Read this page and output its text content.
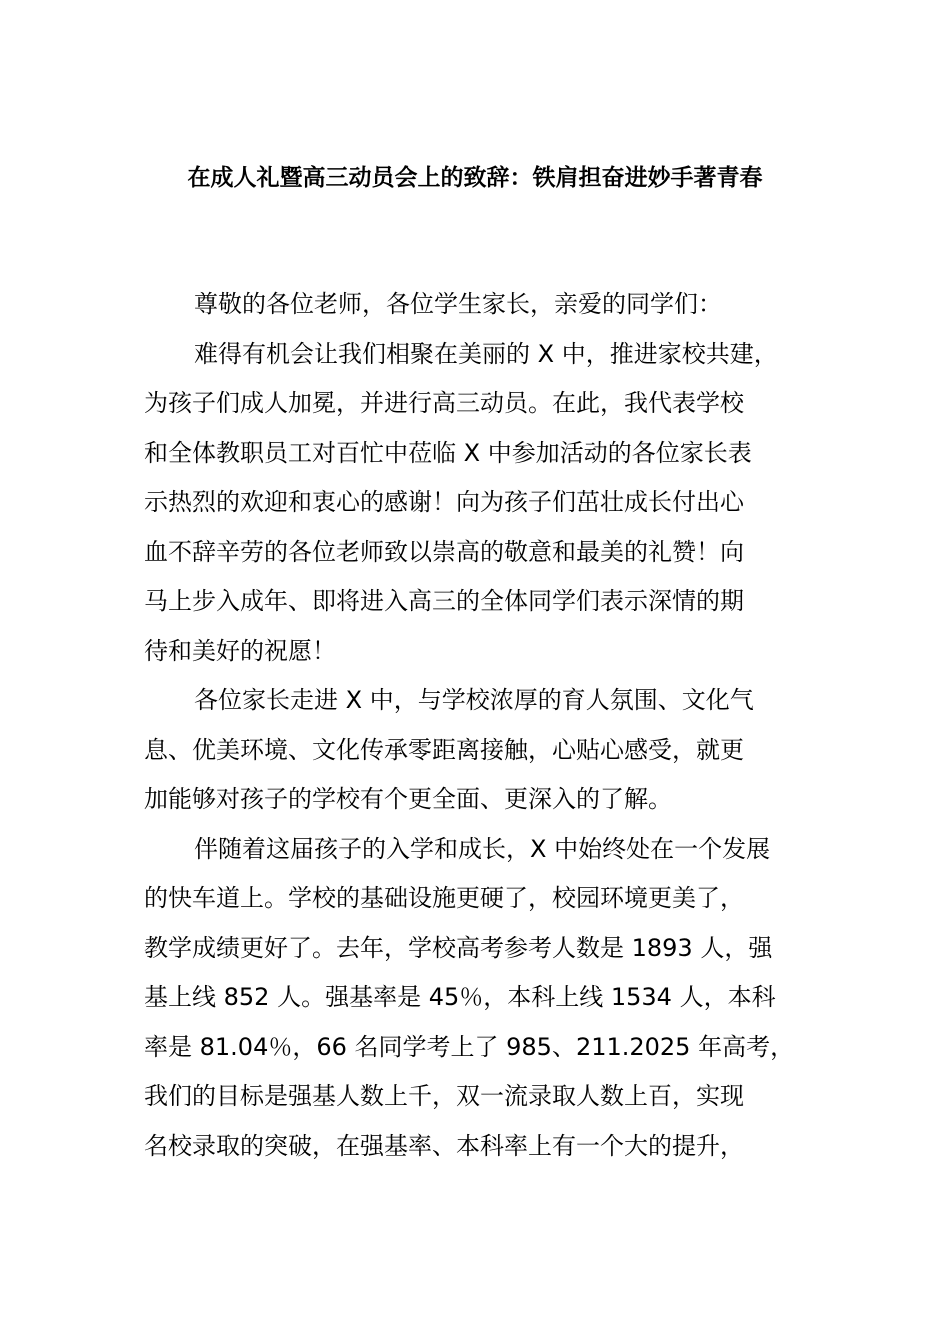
在成人礼暨高三动员会上的致辞：铁肩担奋进妙手著青春
尊敬的各位老师，各位学生家长，亲爱的同学们：
难得有机会让我们相聚在美丽的 X 中，推进家校共建，
为孩子们成人加冕，并进行高三动员。在此，我代表学校
和全体教职员工对百忙中莅临 X 中参加活动的各位家长表
示热烈的欢迎和衷心的感谢！向为孩子们茁壮成长付出心
血不辞辛劳的各位老师致以崇高的敬意和最美的礼赞！向
马上步入成年、即将进入高三的全体同学们表示深情的期
待和美好的祝愿！
各位家长走进 X 中，与学校浓厚的育人氛围、文化气
息、优美环境、文化传承零距离接触，心贴心感受，就更
加能够对孩子的学校有个更全面、更深入的了解。
伴随着这届孩子的入学和成长，X 中始终处在一个发展
的快车道上。学校的基础设施更硬了，校园环境更美了，
教学成绩更好了。去年，学校高考参考人数是 1893 人，强
基上线 852 人。强基率是 45％，本科上线 1534 人，本科
率是 81.04％，66 名同学考上了 985、211.2025 年高考，
我们的目标是强基人数上千，双一流录取人数上百，实现
名校录取的突破，在强基率、本科率上有一个大的提升，
